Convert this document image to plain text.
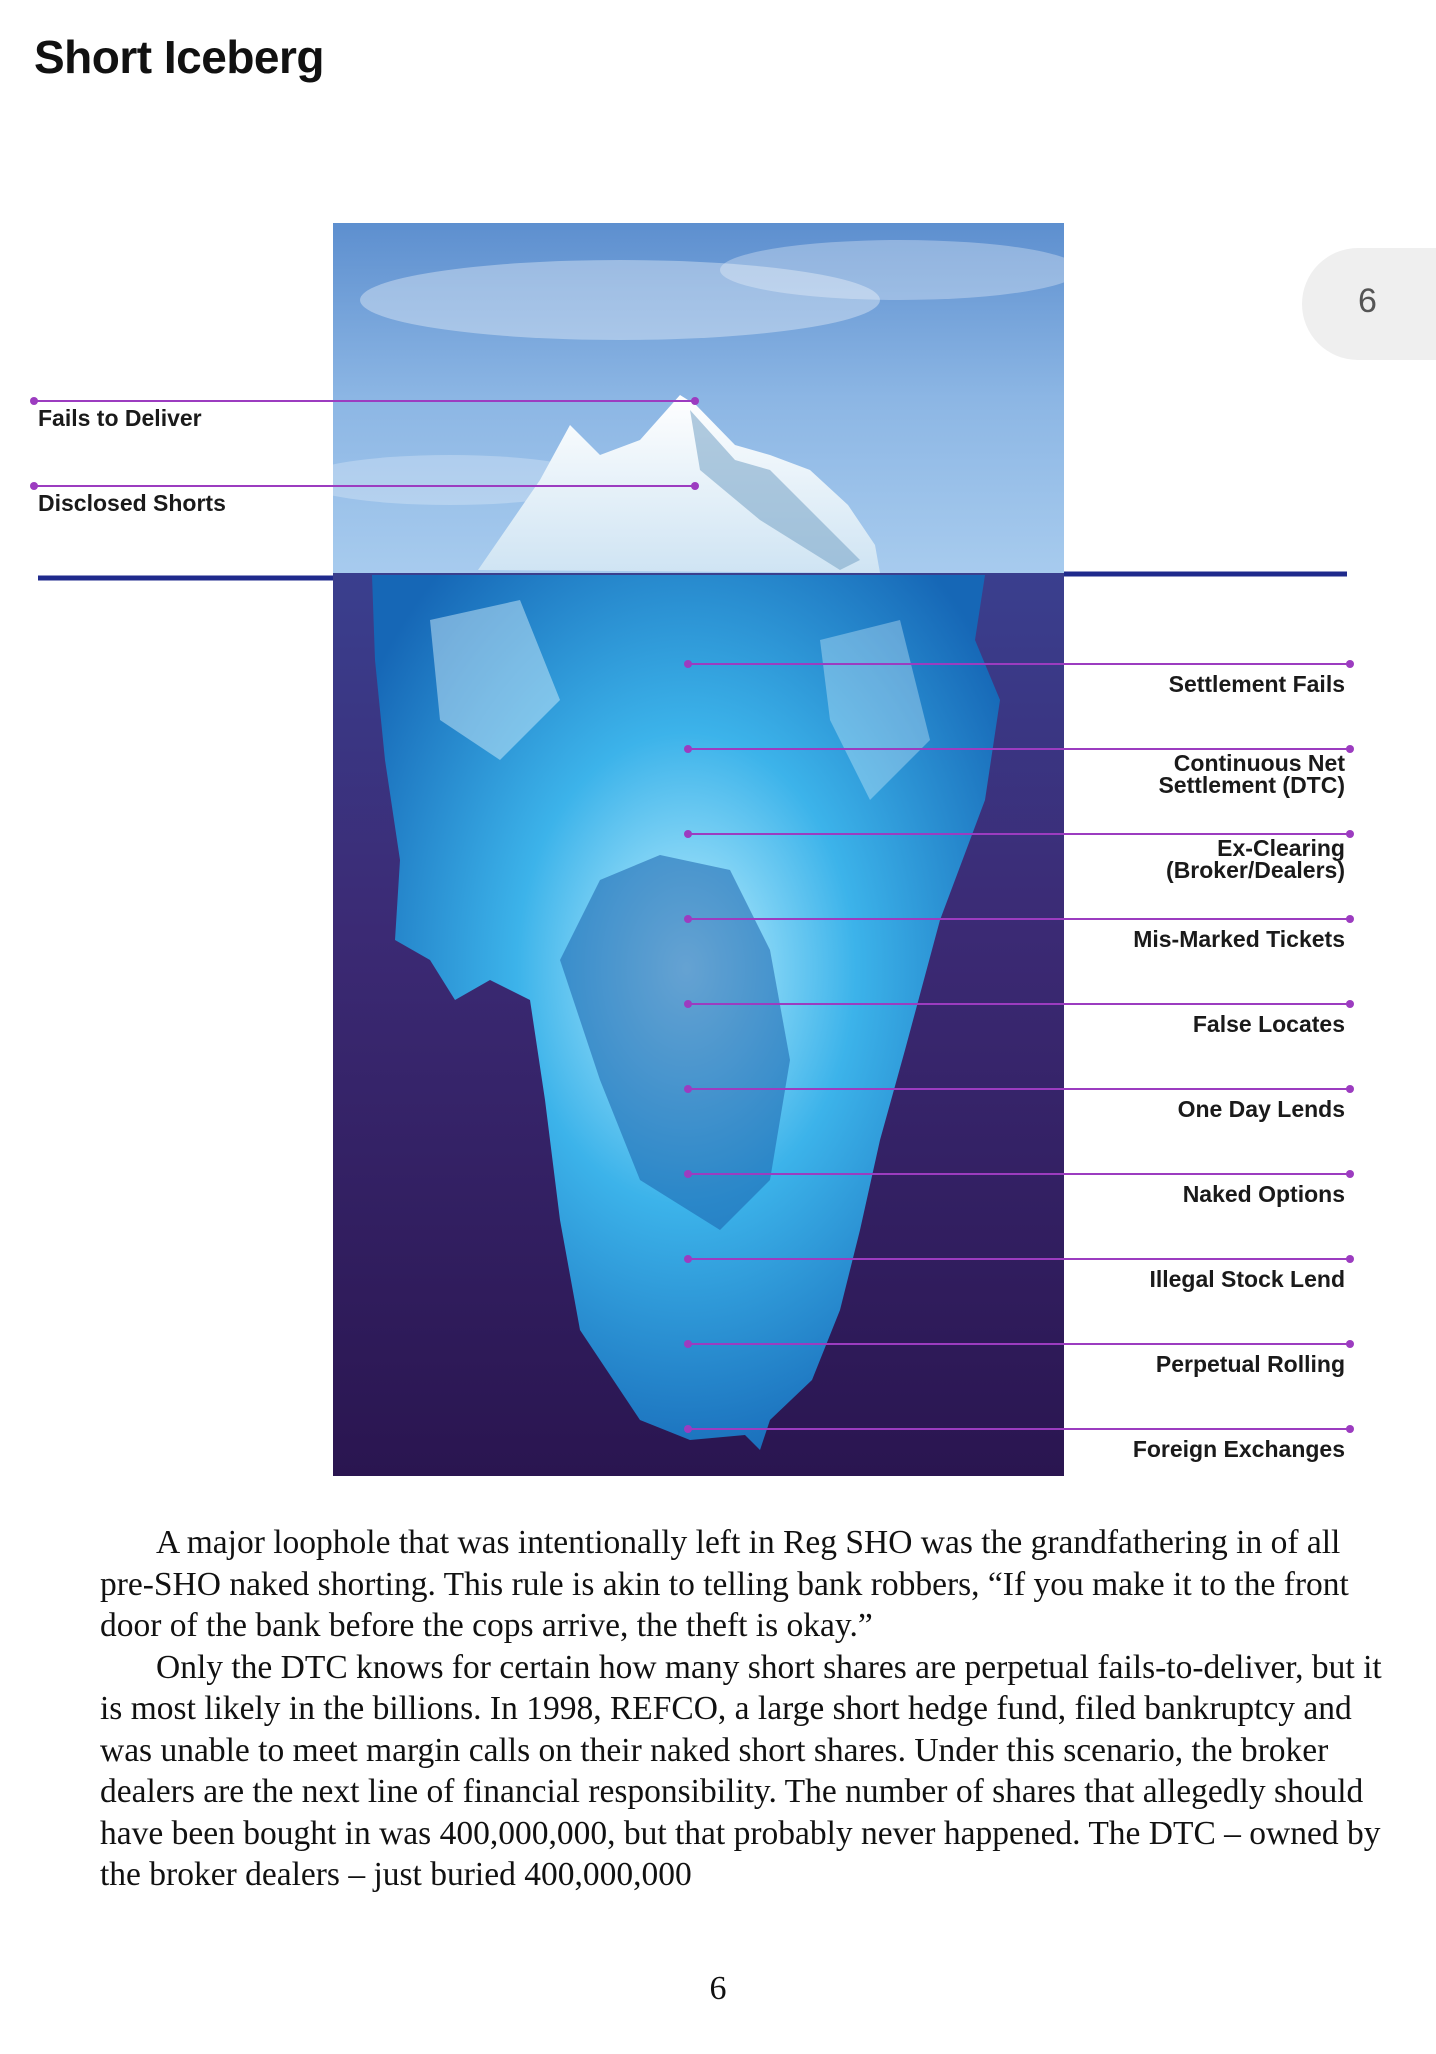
Short Iceberg
6
Fails to Deliver
Disclosed Shorts
Settlement Fails
Continuous Net
Settlement (DTC)
Ex-Clearing
(Broker/Dealers)
Mis-Marked Tickets
False Locates
One Day Lends
Naked Options
Illegal Stock Lend
Perpetual Rolling
Foreign Exchanges

A major loophole that was intentionally left in Reg SHO was the grandfathering in of all pre-SHO naked shorting. This rule is akin to telling bank robbers, “If you make it to the front door of the bank before the cops arrive, the theft is okay.”

Only the DTC knows for certain how many short shares are perpetual fails-to-deliver, but it is most likely in the billions. In 1998, REFCO, a large short hedge fund, filed bankruptcy and was unable to meet margin calls on their naked short shares. Under this scenario, the broker dealers are the next line of financial responsibility. The number of shares that allegedly should have been bought in was 400,000,000, but that probably never happened. The DTC – owned by the broker dealers – just buried 400,000,000

6
